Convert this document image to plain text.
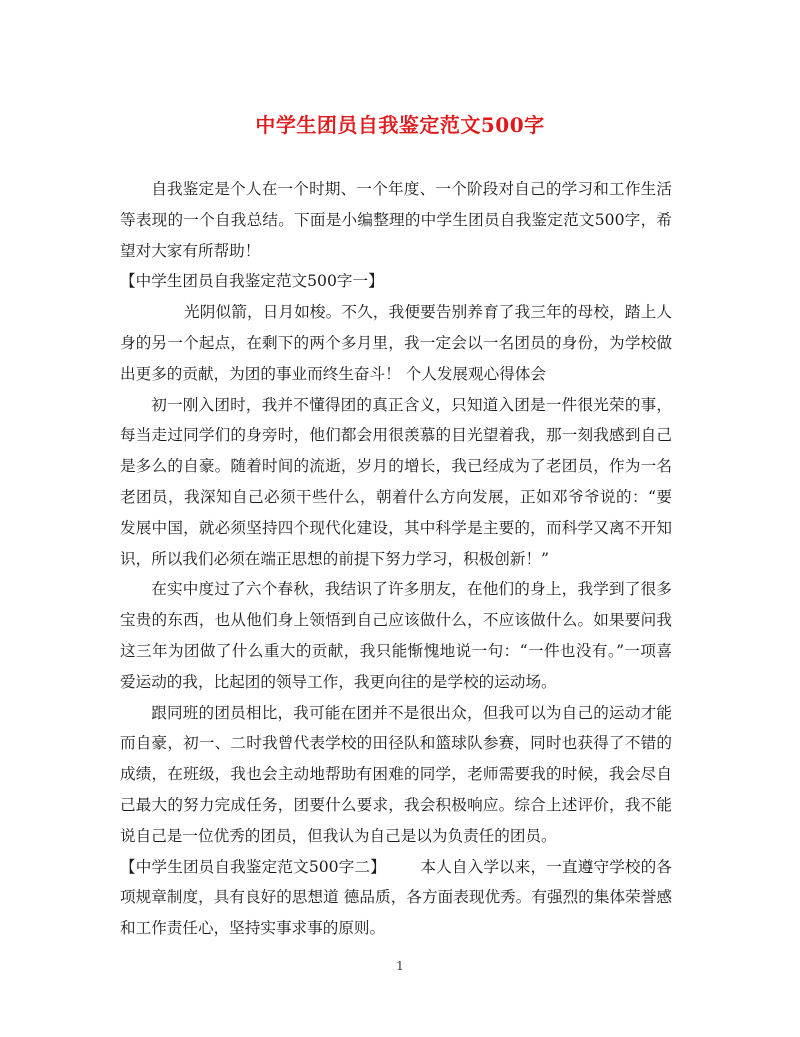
中学生团员自我鉴定范文500字

自我鉴定是个人在一个时期、一个年度、一个阶段对自己的学习和工作生活等表现的一个自我总结。下面是小编整理的中学生团员自我鉴定范文500字，希望对大家有所帮助！

【中学生团员自我鉴定范文500字一】

光阴似箭，日月如梭。不久，我便要告别养育了我三年的母校，踏上人身的另一个起点，在剩下的两个多月里，我一定会以一名团员的身份，为学校做出更多的贡献，为团的事业而终生奋斗！ 个人发展观心得体会

初一刚入团时，我并不懂得团的真正含义，只知道入团是一件很光荣的事，每当走过同学们的身旁时，他们都会用很羡慕的目光望着我，那一刻我感到自己是多么的自豪。随着时间的流逝，岁月的增长，我已经成为了老团员，作为一名老团员，我深知自己必须干些什么，朝着什么方向发展，正如邓爷爷说的：“要发展中国，就必须坚持四个现代化建设，其中科学是主要的，而科学又离不开知识，所以我们必须在端正思想的前提下努力学习，积极创新！”

在实中度过了六个春秋，我结识了许多朋友，在他们的身上，我学到了很多宝贵的东西，也从他们身上领悟到自己应该做什么，不应该做什么。如果要问我这三年为团做了什么重大的贡献，我只能惭愧地说一句：“一件也没有。”一项喜爱运动的我，比起团的领导工作，我更向往的是学校的运动场。

跟同班的团员相比，我可能在团并不是很出众，但我可以为自己的运动才能而自豪，初一、二时我曾代表学校的田径队和篮球队参赛，同时也获得了不错的成绩，在班级，我也会主动地帮助有困难的同学，老师需要我的时候，我会尽自己最大的努力完成任务，团要什么要求，我会积极响应。综合上述评价，我不能说自己是一位优秀的团员，但我认为自己是以为负责任的团员。

【中学生团员自我鉴定范文500字二】 本人自入学以来，一直遵守学校的各项规章制度，具有良好的思想道 德品质，各方面表现优秀。有强烈的集体荣誉感和工作责任心，坚持实事求事的原则。

1
